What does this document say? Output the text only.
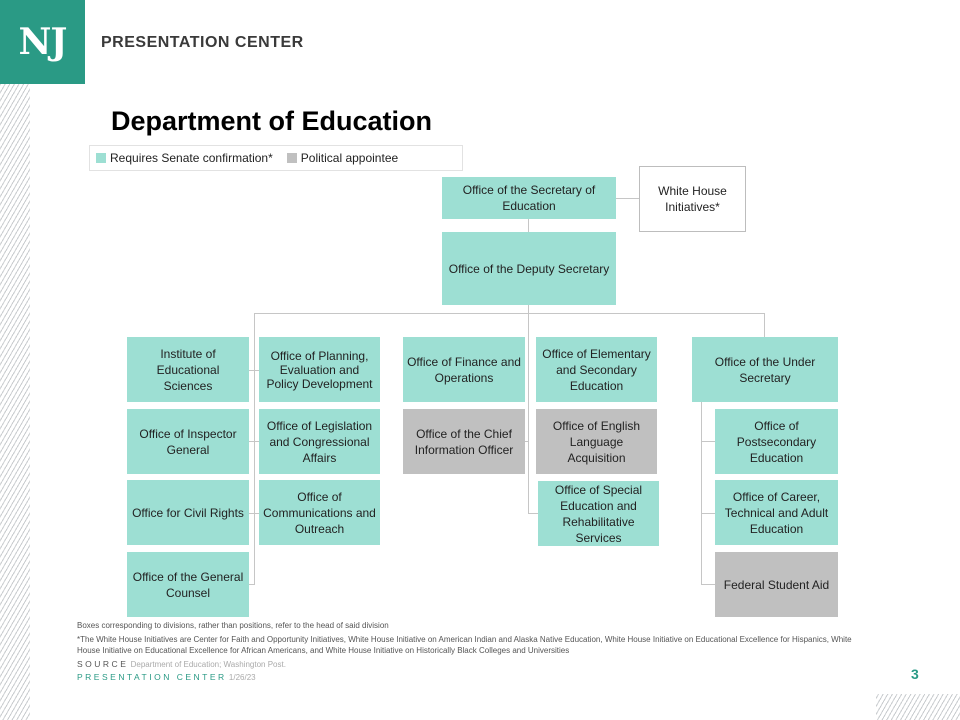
NJ	PRESENTATION CENTER
Department of Education
Requires Senate confirmation* Political appointee
Office of the Secretary of Education
White House Initiatives*
Office of the Deputy Secretary
Institute of Educational Sciences
Office of Inspector General
Office for Civil Rights
Office of the General Counsel
Office of Planning, Evaluation and Policy Development
Office of Legislation and Congressional Affairs
Office of Communications and Outreach
Office of Finance and Operations
Office of the Chief Information Officer
Office of Elementary and Secondary Education
Office of English Language Acquisition
Office of Special Education and Rehabilitative Services
Office of the Under Secretary
Office of Postsecondary Education
Office of Career, Technical and Adult Education
Federal Student Aid
Boxes corresponding to divisions, rather than positions, refer to the head of said division
*The White House Initiatives are Center for Faith and Opportunity Initiatives, White House Initiative on American Indian and Alaska Native Education, White House Initiative on Educational Excellence for Hispanics, White House Initiative on Educational Excellence for African Americans, and White House Initiative on Historically Black Colleges and Universities
SOURCE Department of Education; Washington Post.
PRESENTATION CENTER 1/26/23	3
